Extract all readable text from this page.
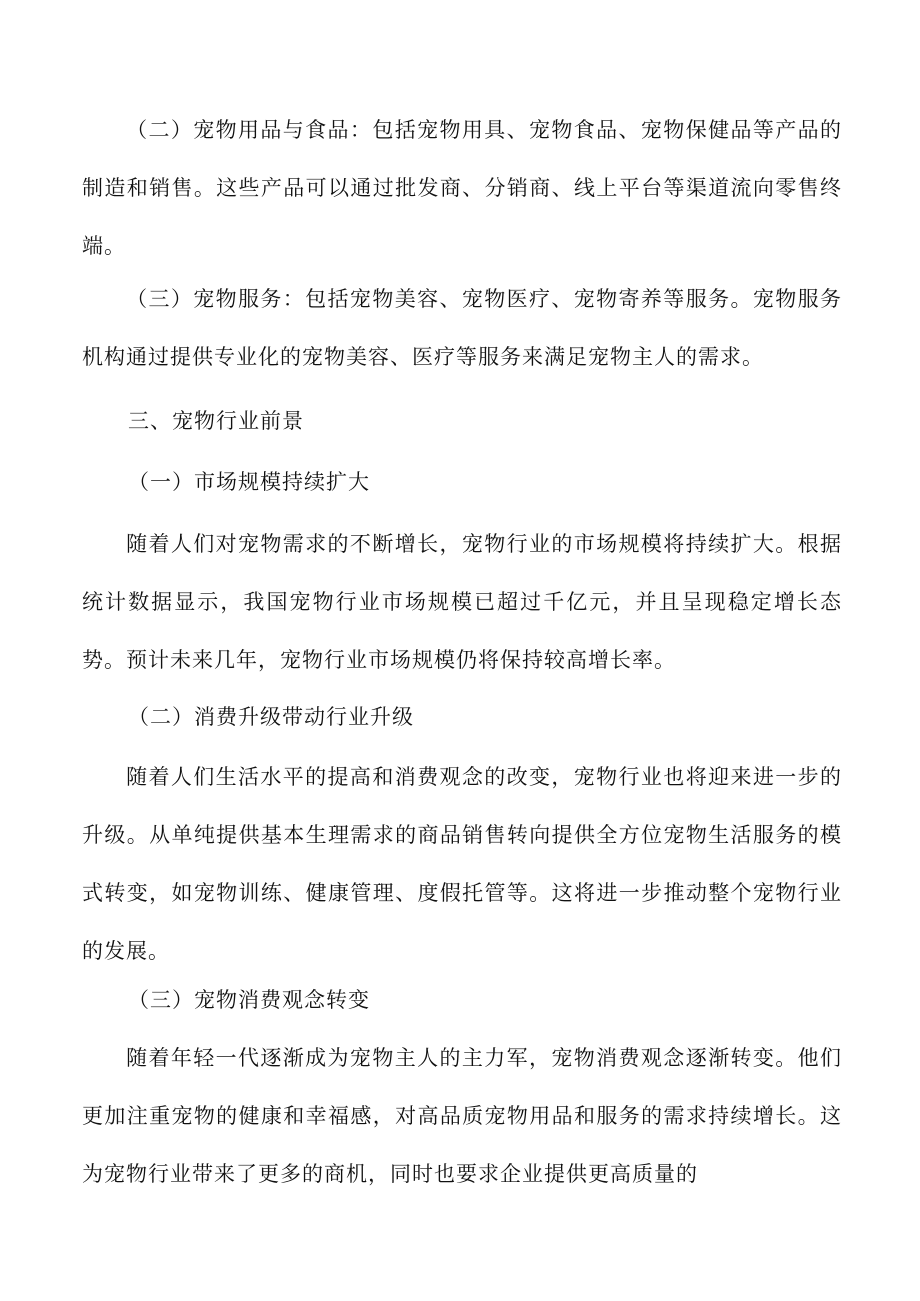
（二）宠物用品与食品：包括宠物用具、宠物食品、宠物保健品等产品的制造和销售。这些产品可以通过批发商、分销商、线上平台等渠道流向零售终端。

（三）宠物服务：包括宠物美容、宠物医疗、宠物寄养等服务。宠物服务机构通过提供专业化的宠物美容、医疗等服务来满足宠物主人的需求。

三、宠物行业前景
（一）市场规模持续扩大

随着人们对宠物需求的不断增长，宠物行业的市场规模将持续扩大。根据统计数据显示，我国宠物行业市场规模已超过千亿元，并且呈现稳定增长态势。预计未来几年，宠物行业市场规模仍将保持较高增长率。

（二）消费升级带动行业升级

随着人们生活水平的提高和消费观念的改变，宠物行业也将迎来进一步的升级。从单纯提供基本生理需求的商品销售转向提供全方位宠物生活服务的模式转变，如宠物训练、健康管理、度假托管等。这将进一步推动整个宠物行业的发展。

（三）宠物消费观念转变

随着年轻一代逐渐成为宠物主人的主力军，宠物消费观念逐渐转变。他们更加注重宠物的健康和幸福感，对高品质宠物用品和服务的需求持续增长。这为宠物行业带来了更多的商机，同时也要求企业提供更高质量的
